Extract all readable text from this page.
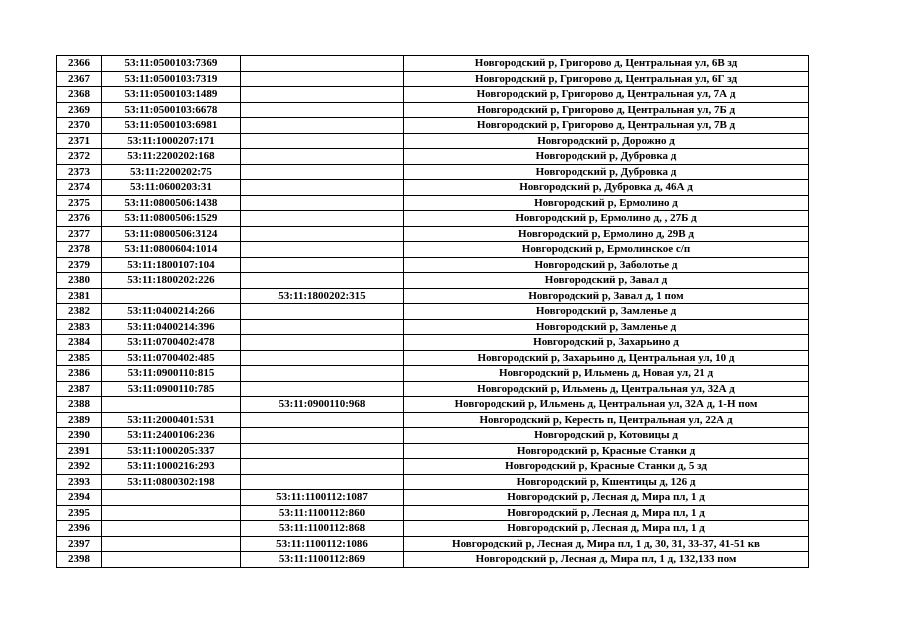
2366	53:11:0500103:7369		Новгородский р, Григорово д, Центральная ул, 6В зд
2367	53:11:0500103:7319		Новгородский р, Григорово д, Центральная ул, 6Г зд
2368	53:11:0500103:1489		Новгородский р, Григорово д, Центральная ул, 7А д
2369	53:11:0500103:6678		Новгородский р, Григорово д, Центральная ул, 7Б д
2370	53:11:0500103:6981		Новгородский р, Григорово д, Центральная ул, 7В д
2371	53:11:1000207:171		Новгородский р, Дорожно д
2372	53:11:2200202:168		Новгородский р, Дубровка д
2373	53:11:2200202:75		Новгородский р, Дубровка д
2374	53:11:0600203:31		Новгородский р, Дубровка д, 46А д
2375	53:11:0800506:1438		Новгородский р, Ермолино д
2376	53:11:0800506:1529		Новгородский р, Ермолино д, , 27Б д
2377	53:11:0800506:3124		Новгородский р, Ермолино д, 29В д
2378	53:11:0800604:1014		Новгородский р, Ермолинское с/п
2379	53:11:1800107:104		Новгородский р, Заболотье д
2380	53:11:1800202:226		Новгородский р, Завал д
2381		53:11:1800202:315	Новгородский р, Завал д, 1 пом
2382	53:11:0400214:266		Новгородский р, Замленье д
2383	53:11:0400214:396		Новгородский р, Замленье д
2384	53:11:0700402:478		Новгородский р, Захарьино д
2385	53:11:0700402:485		Новгородский р, Захарьино д, Центральная ул, 10 д
2386	53:11:0900110:815		Новгородский р, Ильмень д, Новая ул, 21 д
2387	53:11:0900110:785		Новгородский р, Ильмень д, Центральная ул, 32А д
2388		53:11:0900110:968	Новгородский р, Ильмень д, Центральная ул, 32А д, 1-Н пом
2389	53:11:2000401:531		Новгородский р, Кересть п, Центральная ул, 22А д
2390	53:11:2400106:236		Новгородский р, Котовицы д
2391	53:11:1000205:337		Новгородский р, Красные Станки д
2392	53:11:1000216:293		Новгородский р, Красные Станки д, 5 зд
2393	53:11:0800302:198		Новгородский р, Кшентицы д, 126 д
2394		53:11:1100112:1087	Новгородский р, Лесная д, Мира пл, 1 д
2395		53:11:1100112:860	Новгородский р, Лесная д, Мира пл, 1 д
2396		53:11:1100112:868	Новгородский р, Лесная д, Мира пл, 1 д
2397		53:11:1100112:1086	Новгородский р, Лесная д, Мира пл, 1 д, 30, 31, 33-37, 41-51 кв
2398		53:11:1100112:869	Новгородский р, Лесная д, Мира пл, 1 д, 132,133 пом
